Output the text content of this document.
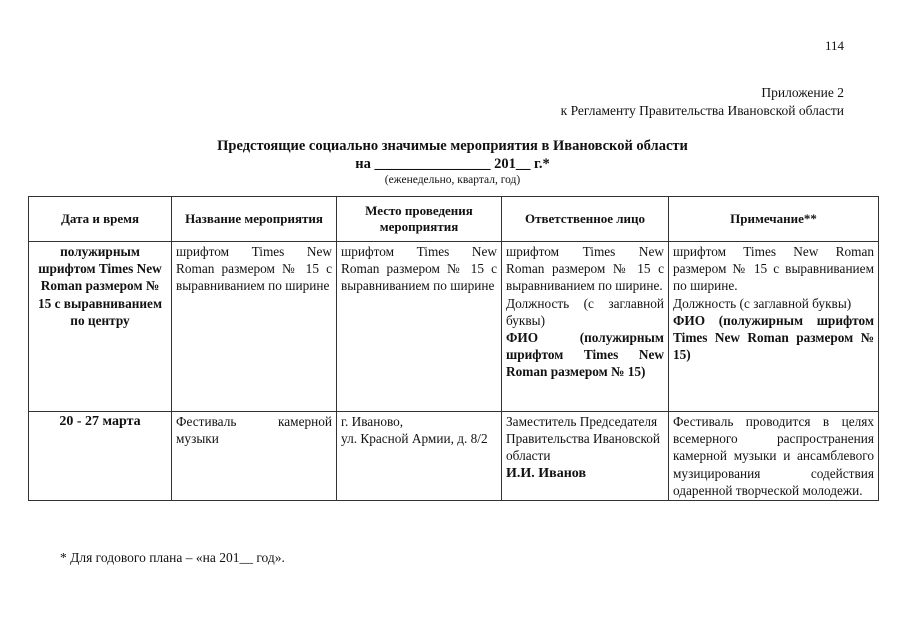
114
Приложение 2
к Регламенту Правительства Ивановской области
Предстоящие социально значимые мероприятия в Ивановской области
на ________________ 201__ г.*
(еженедельно, квартал, год)
Дата и время	Название мероприятия	Место проведения мероприятия	Ответственное лицо	Примечание**
полужирным шрифтом Times New Roman размером № 15 с выравниванием по центру	шрифтом Times New Roman размером № 15 с выравниванием по ширине	шрифтом Times New Roman размером № 15 с выравниванием по ширине	шрифтом Times New Roman размером № 15 с выравниванием по ширине.
Должность (с заглавной буквы)
ФИО (полужирным шрифтом Times New Roman размером № 15)	шрифтом Times New Roman размером № 15 с выравниванием по ширине.
Должность (с заглавной буквы)
ФИО (полужирным шрифтом Times New Roman размером № 15)

20 - 27 марта	Фестиваль камерной музыки	г. Иваново,
ул. Красной Армии, д. 8/2	Заместитель Председателя Правительства Ивановской области
И.И. Иванов	Фестиваль проводится в целях всемерного распространения камерной музыки и ансамблевого музицирования содействия одаренной творческой молодежи.
* Для годового плана – «на 201__ год».
